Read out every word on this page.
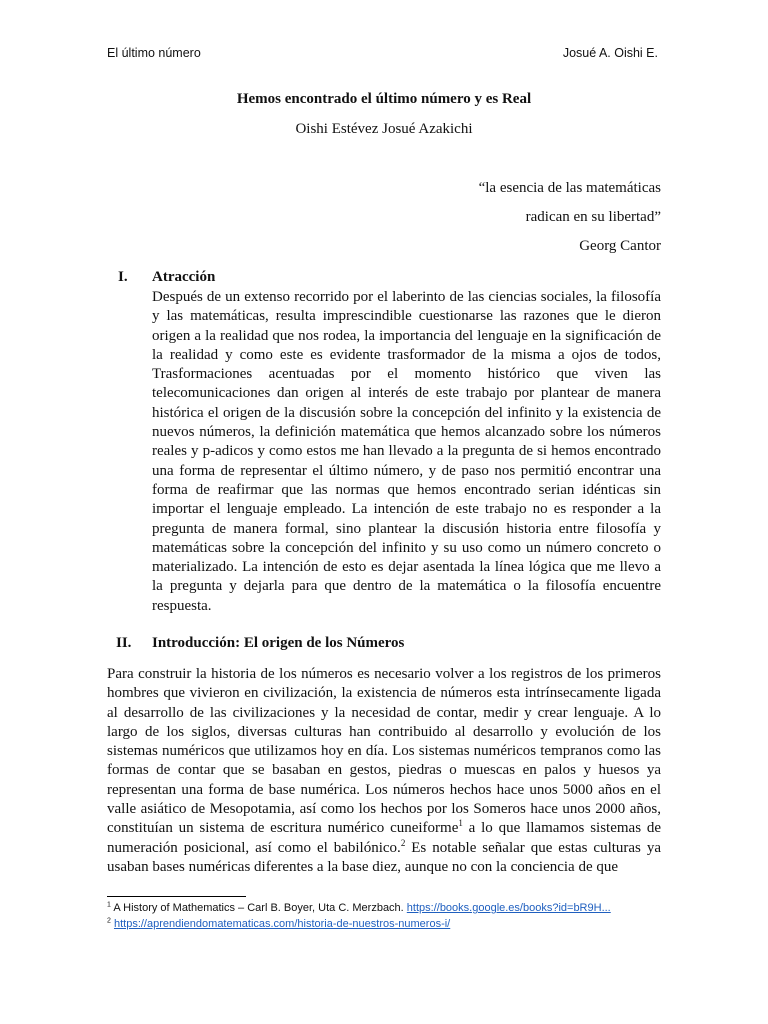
El último número	Josué A. Oishi E.
Hemos encontrado el último número y es Real
Oishi Estévez Josué Azakichi
“la esencia de las matemáticas
radican en su libertad”
Georg Cantor
I. Atracción

Después de un extenso recorrido por el laberinto de las ciencias sociales, la filosofía y las matemáticas, resulta imprescindible cuestionarse las razones que le dieron origen a la realidad que nos rodea, la importancia del lenguaje en la significación de la realidad y como este es evidente trasformador de la misma a ojos de todos, Trasformaciones acentuadas por el momento histórico que viven las telecomunicaciones dan origen al interés de este trabajo por plantear de manera histórica el origen de la discusión sobre la concepción del infinito y la existencia de nuevos números, la definición matemática que hemos alcanzado sobre los números reales y p-adicos y como estos me han llevado a la pregunta de si hemos encontrado una forma de representar el último número, y de paso nos permitió encontrar una forma de reafirmar que las normas que hemos encontrado serian idénticas sin importar el lenguaje empleado. La intención de este trabajo no es responder a la pregunta de manera formal, sino plantear la discusión historia entre filosofía y matemáticas sobre la concepción del infinito y su uso como un número concreto o materializado. La intención de esto es dejar asentada la línea lógica que me llevo a la pregunta y dejarla para que dentro de la matemática o la filosofía encuentre respuesta.

II. Introducción: El origen de los Números

Para construir la historia de los números es necesario volver a los registros de los primeros hombres que vivieron en civilización, la existencia de números esta intrínsecamente ligada al desarrollo de las civilizaciones y la necesidad de contar, medir y crear lenguaje. A lo largo de los siglos, diversas culturas han contribuido al desarrollo y evolución de los sistemas numéricos que utilizamos hoy en día. Los sistemas numéricos tempranos como las formas de contar que se basaban en gestos, piedras o muescas en palos y huesos ya representan una forma de base numérica. Los números hechos hace unos 5000 años en el valle asiático de Mesopotamia, así como los hechos por los Someros hace unos 2000 años, constituían un sistema de escritura numérico cuneiforme$^1$ a lo que llamamos sistemas de numeración posicional, así como el babilónico.$^2$ Es notable señalar que estas culturas ya usaban bases numéricas diferentes a la base diez, aunque no con la conciencia de que

$^1$ A History of Mathematics – Carl B. Boyer, Uta C. Merzbach. https://books.google.es/books?id=bR9H...
$^2$ https://aprendiendomatematicas.com/historia-de-nuestros-numeros-i/
